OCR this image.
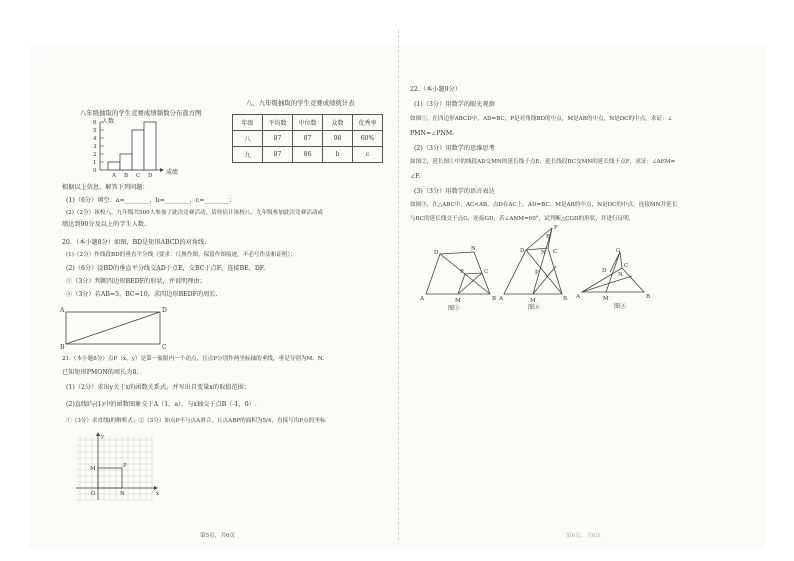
八年级抽取的学生竞赛成绩频数分布直方图
人数
6
5
4
3
2
1
0
A B C D 成绩
八、九年级抽取的学生竞赛成绩统计表
年级	平均数	中位数	众数	优秀率
八	87	87	98	60%
九	87	86	b	c
根据以上信息，解答下列问题：
(1)（6分）填空：a=________，b=________，c=________；
(2)（2分）该校八、九年级共500人参加了此次竞赛活动，请你估计该校八、九年级参加此次竞赛活动成
绩达到90分及以上的学生人数.
20．（本小题8分）如图，BD是矩形ABCD的对角线.
(1)（2分）作线段BD的垂直平分线（要求：尺规作图，保留作图痕迹，不必写作法和证明）；
(2)（6分）设BD的垂直平分线交AD于点E，交BC于点F，连接BE、DF.
①（3分）判断四边形BEDF的形状，并说明理由；
②（3分）若AB=5，BC=10，求四边形BEDF的周长.
A	D
B	C
21.（本小题8分）点P（x，y）是第一象限内一个动点，且点P分别作两坐标轴的垂线，垂足分别为M、N.
已知矩形PMON的周长为8.
(1)（2分）求出y关于x的函数关系式，并写出自变量x的取值范围；
(2)直线l与(1)中的函数图象交于A（1，a），与x轴交于点B（-1，0）.
①（3分）求直线l的解析式；②（3分）如点P不与点A重合，且点ABP的面积为5/4，直接写出P点的坐标
y
M	P
O	N	x
第5页，共6页
22.（本小题9分）
(1)（3分）用数学的眼光观察
如图①，在四边形ABCD中，AD=BC，P是对角线BD的中点，M是AB的中点，N是DC的中点，求证：∠
PMN=∠PNM.
(2)（3分）用数学的思维思考
如图②，延长图①中的线段AD交MN的延长线于点E，延长线段BC交MN的延长线于点F，求证：∠AEM=
∠F.
(3)（3分）用数学的语言表达
如图③，在△ABC中，AC<AB，点D在AC上，AD=BC，M是AB的中点，N是DC的中点，连接MN并延长
与BC的延长线交于点G，连接GD，若∠ANM=60°，试判断△CGD的形状，并进行证明.
D
N
C
P
A	M	B
图①
F
E
D	N C
P
A	M	B
图②
G
D
N
C
A	M	B
图③
第6页，共6页
